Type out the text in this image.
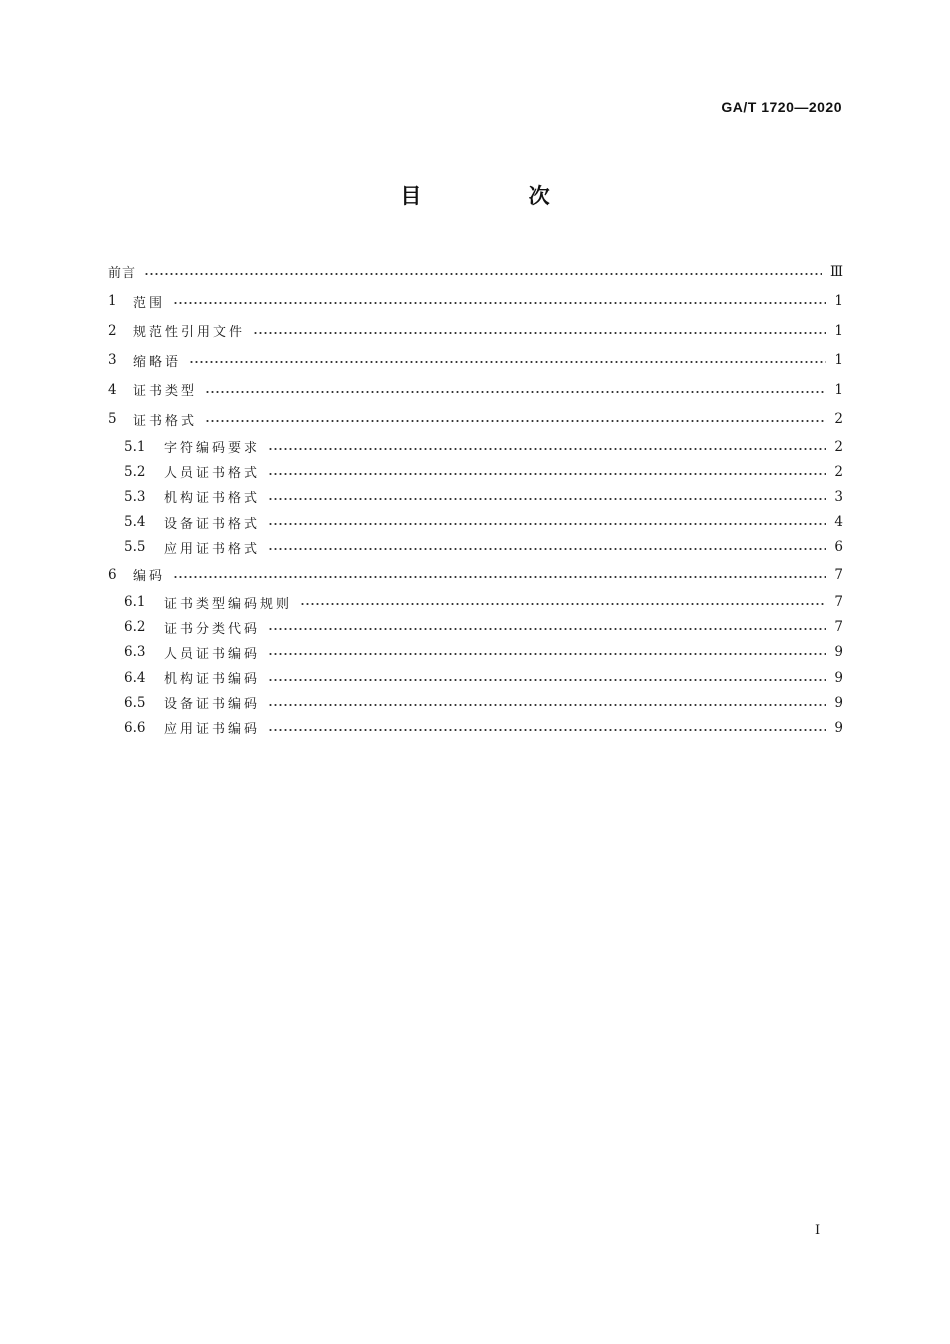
GA/T 1720—2020
目 次
前言	Ⅲ
1	范围	1
2	规范性引用文件	1
3	缩略语	1
4	证书类型	1
5	证书格式	2
5.1	字符编码要求	2
5.2	人员证书格式	2
5.3	机构证书格式	3
5.4	设备证书格式	4
5.5	应用证书格式	6
6	编码	7
6.1	证书类型编码规则	7
6.2	证书分类代码	7
6.3	人员证书编码	9
6.4	机构证书编码	9
6.5	设备证书编码	9
6.6	应用证书编码	9
I
